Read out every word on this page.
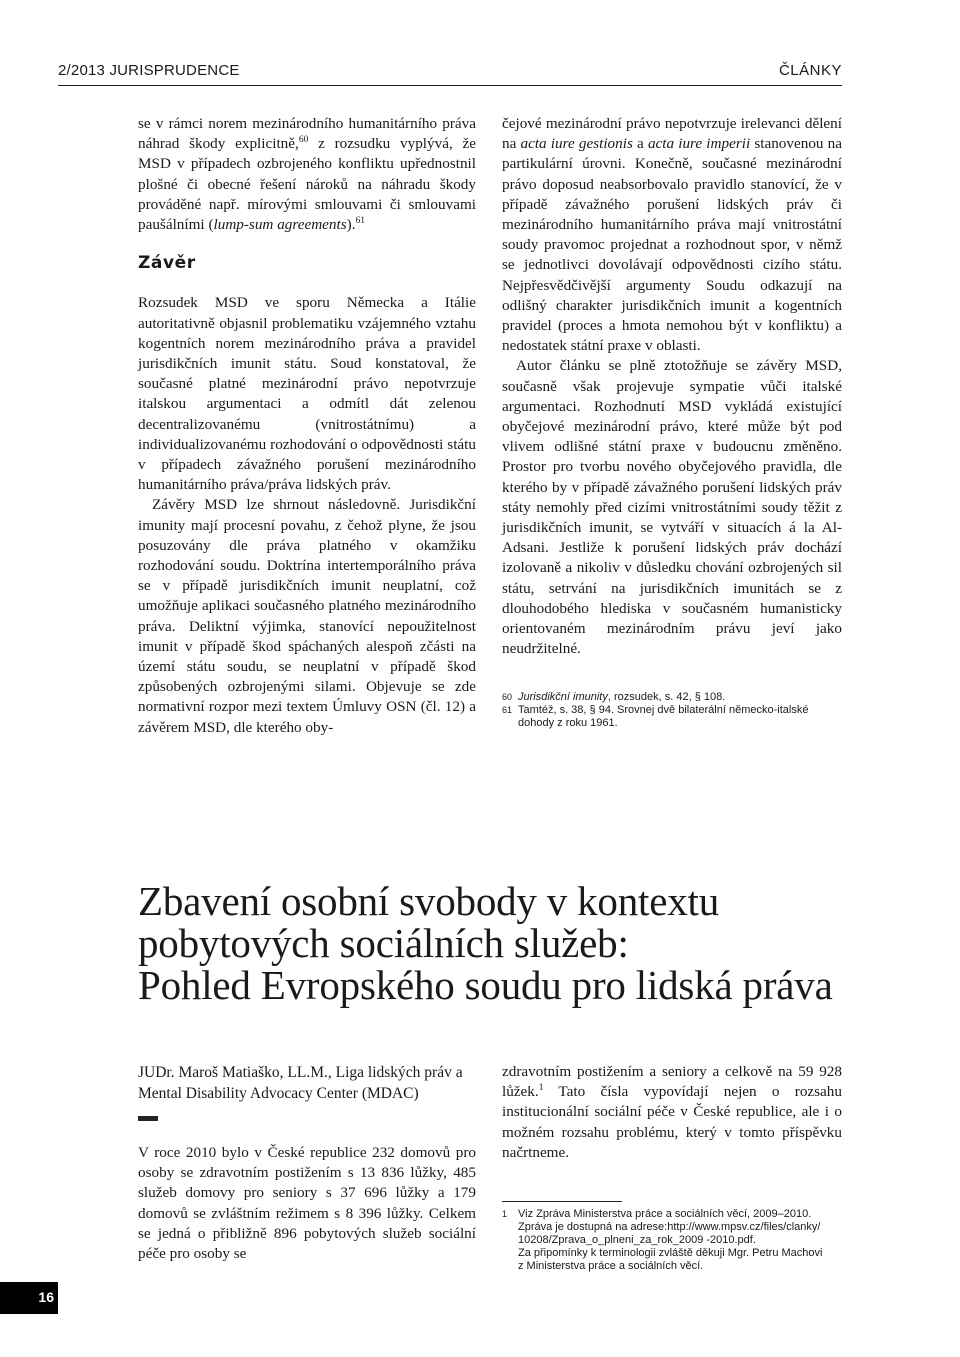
2/2013 JURISPRUDENCE	ČLÁNKY

se v rámci norem mezinárodního humanitárního práva náhrad škody explicitně,$^{60}$ z rozsudku vyplývá, že MSD v případech ozbrojeného konfliktu upřednostnil plošné či obecné řešení nároků na náhradu škody prováděné např. mírovými smlouvami či smlouvami paušálními (lump-sum agreements).$^{61}$

Závěr

Rozsudek MSD ve sporu Německa a Itálie autoritativně objasnil problematiku vzájemného vztahu kogentních norem mezinárodního práva a pravidel jurisdikčních imunit státu. Soud konstatoval, že současné platné mezinárodní právo nepotvrzuje italskou argumentaci a odmítl dát zelenou decentralizovanému (vnitrostátnímu) a individualizovanému rozhodování o odpovědnosti státu v případech závažného porušení mezinárodního humanitárního práva/práva lidských práv.

Závěry MSD lze shrnout následovně. Jurisdikční imunity mají procesní povahu, z čehož plyne, že jsou posuzovány dle práva platného v okamžiku rozhodování soudu. Doktrína intertemporálního práva se v případě jurisdikčních imunit neuplatní, což umožňuje aplikaci současného platného mezinárodního práva. Deliktní výjimka, stanovící nepoužitelnost imunit v případě škod spáchaných alespoň zčásti na území státu soudu, se neuplatní v případě škod způsobených ozbrojenými silami. Objevuje se zde normativní rozpor mezi textem Úmluvy OSN (čl. 12) a závěrem MSD, dle kterého oby-

čejové mezinárodní právo nepotvrzuje irelevanci dělení na acta iure gestionis a acta iure imperii stanovenou na partikulární úrovni. Konečně, současné mezinárodní právo doposud neabsorbovalo pravidlo stanovící, že v případě závažného porušení lidských práv či mezinárodního humanitárního práva mají vnitrostátní soudy pravomoc projednat a rozhodnout spor, v němž se jednotlivci dovolávají odpovědnosti cizího státu. Nejpřesvědčivější argumenty Soudu odkazují na odlišný charakter jurisdikčních imunit a kogentních pravidel (proces a hmota nemohou být v konfliktu) a nedostatek státní praxe v oblasti.

Autor článku se plně ztotožňuje se závěry MSD, současně však projevuje sympatie vůči italské argumentaci. Rozhodnutí MSD vykládá existující obyčejové mezinárodní právo, které může být pod vlivem odlišné státní praxe v budoucnu změněno. Prostor pro tvorbu nového obyčejového pravidla, dle kterého by v případě závažného porušení lidských práv státy nemohly před cizími vnitrostátními soudy těžit z jurisdikčních imunit, se vytváří v situacích á la Al-Adsani. Jestliže k porušení lidských práv dochází izolovaně a nikoliv v důsledku chování ozbrojených sil státu, setrvání na jurisdikčních imunitách se z dlouhodobého hlediska v současném humanisticky orientovaném mezinárodním právu jeví jako neudržitelné.

60 Jurisdikční imunity, rozsudek, s. 42, § 108.
61 Tamtéž, s. 38, § 94. Srovnej dvě bilaterální německo-italské dohody z roku 1961.
Zbavení osobní svobody v kontextu
pobytových sociálních služeb:
Pohled Evropského soudu pro lidská práva
JUDr. Maroš Matiaško, LL.M., Liga lidských práv a Mental Disability Advocacy Center (MDAC)

V roce 2010 bylo v České republice 232 domovů pro osoby se zdravotním postižením s 13 836 lůžky, 485 služeb domovy pro seniory s 37 696 lůžky a 179 domovů se zvláštním režimem s 8 396 lůžky. Celkem se jedná o přibližně 896 pobytových služeb sociální péče pro osoby se

zdravotním postižením a seniory a celkově na 59 928 lůžek.$^1$ Tato čísla vypovídají nejen o rozsahu institucionální sociální péče v České republice, ale i o možném rozsahu problému, který v tomto příspěvku načrtneme.

1 Viz Zpráva Ministerstva práce a sociálních věcí, 2009–2010.
Zpráva je dostupná na adrese:http://www.mpsv.cz/files/clanky/
10208/Zprava_o_plneni_za_rok_2009 -2010.pdf.
Za připomínky k terminologii zvláště děkuji Mgr. Petru Machovi
z Ministerstva práce a sociálních věcí.
16
